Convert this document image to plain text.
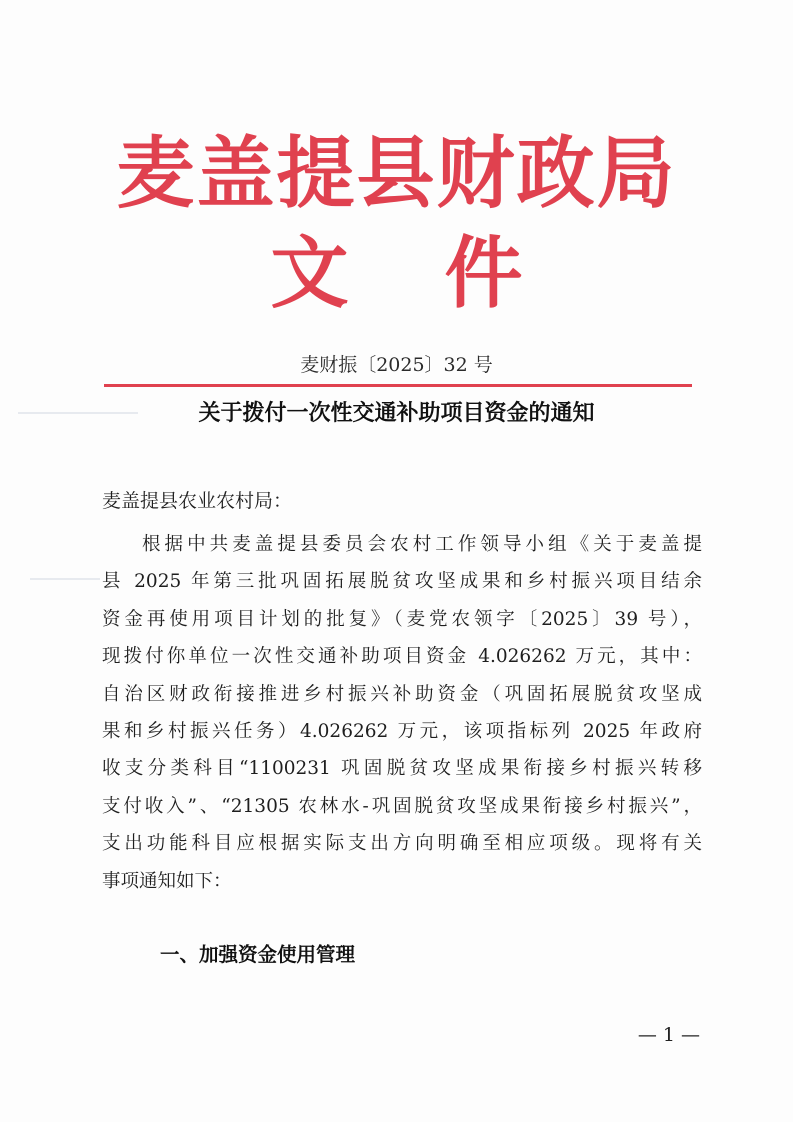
麦盖提县财政局
文件
麦财振〔2025〕32 号
关于拨付一次性交通补助项目资金的通知
麦盖提县农业农村局：
根据中共麦盖提县委员会农村工作领导小组《关于麦盖提
县 2025 年第三批巩固拓展脱贫攻坚成果和乡村振兴项目结余
资金再使用项目计划的批复》（麦党农领字〔2025〕39 号），
现拨付你单位一次性交通补助项目资金 4.026262 万元，其中：
自治区财政衔接推进乡村振兴补助资金（巩固拓展脱贫攻坚成
果和乡村振兴任务）4.026262 万元，该项指标列 2025 年政府
收支分类科目“1100231 巩固脱贫攻坚成果衔接乡村振兴转移
支付收入”、“21305 农林水-巩固脱贫攻坚成果衔接乡村振兴”，
支出功能科目应根据实际支出方向明确至相应项级。现将有关
事项通知如下：
一、加强资金使用管理
— 1 —
